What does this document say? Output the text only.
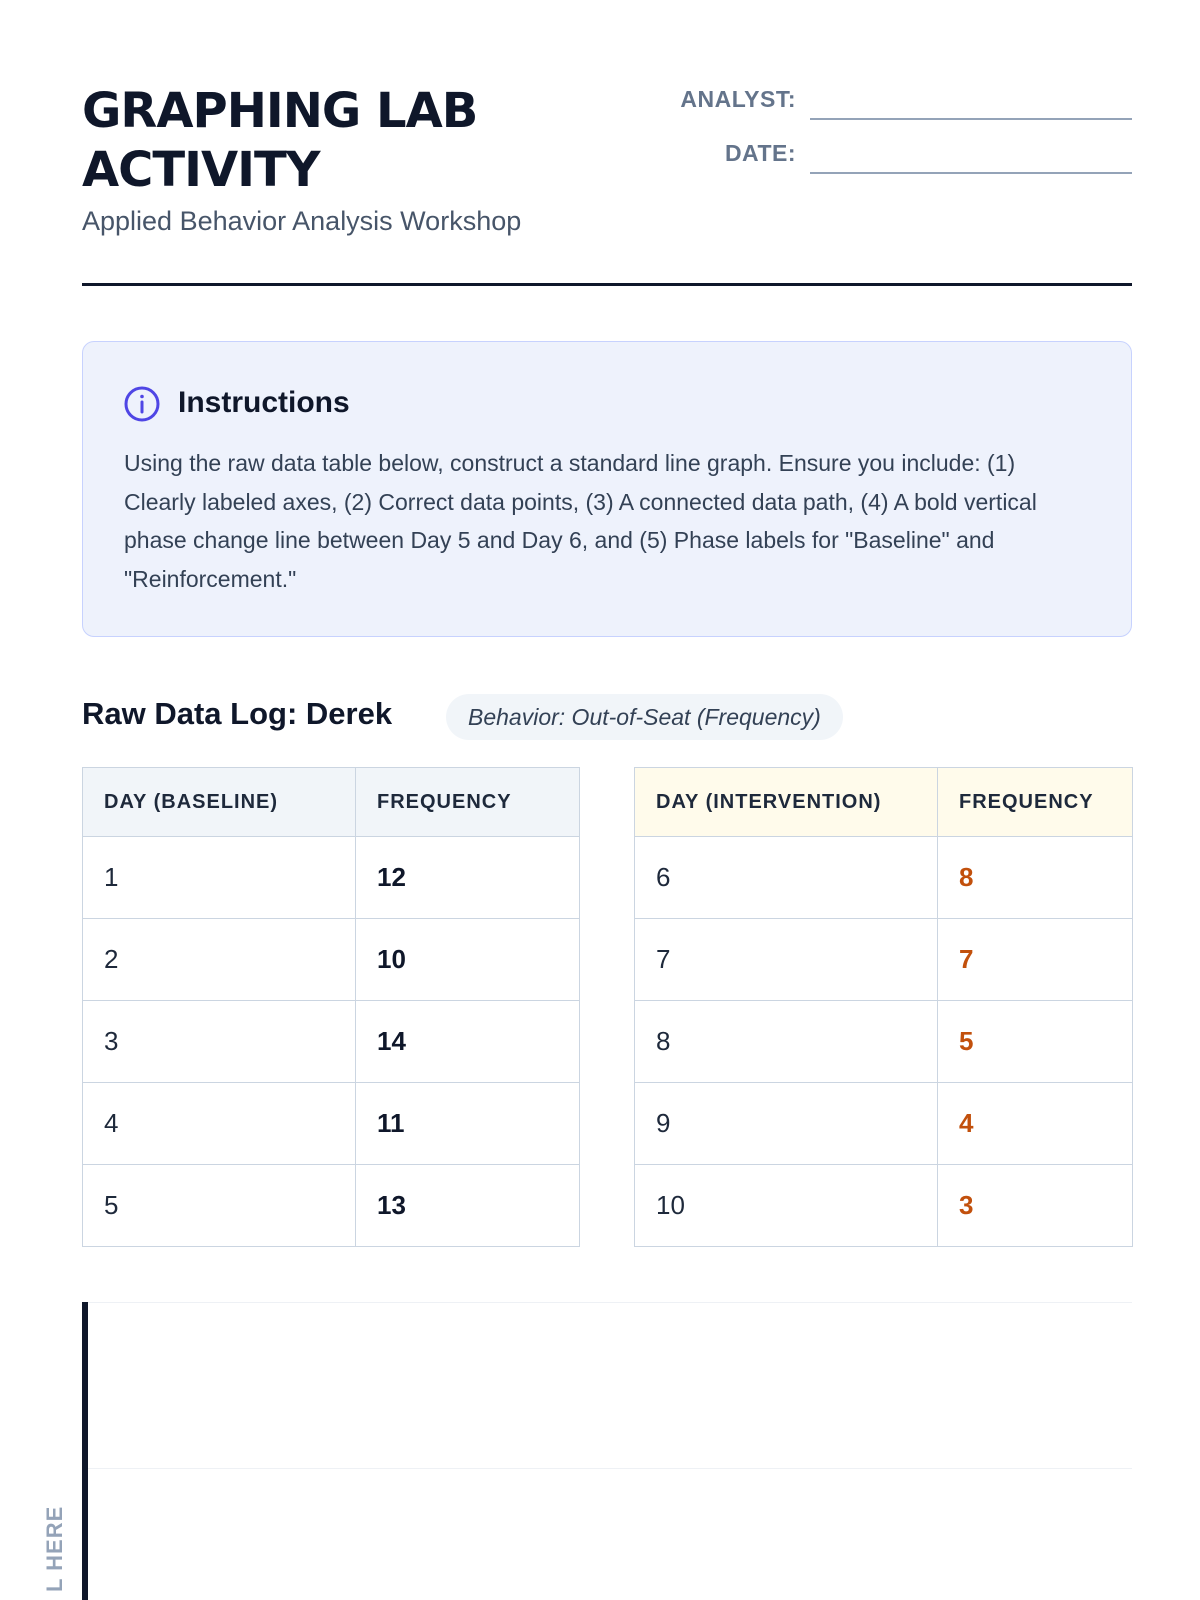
GRAPHING LAB ACTIVITY
Applied Behavior Analysis Workshop
ANALYST:
DATE:
Instructions

Using the raw data table below, construct a standard line graph. Ensure you include: (1) Clearly labeled axes, (2) Correct data points, (3) A connected data path, (4) A bold vertical phase change line between Day 5 and Day 6, and (5) Phase labels for "Baseline" and "Reinforcement."

Raw Data Log: Derek	Behavior: Out-of-Seat (Frequency)
DAY (BASELINE)	FREQUENCY
1	12
2	10
3	14
4	11
5	13
DAY (INTERVENTION)	FREQUENCY
6	8
7	7
8	5
9	4
10	3
L HERE
